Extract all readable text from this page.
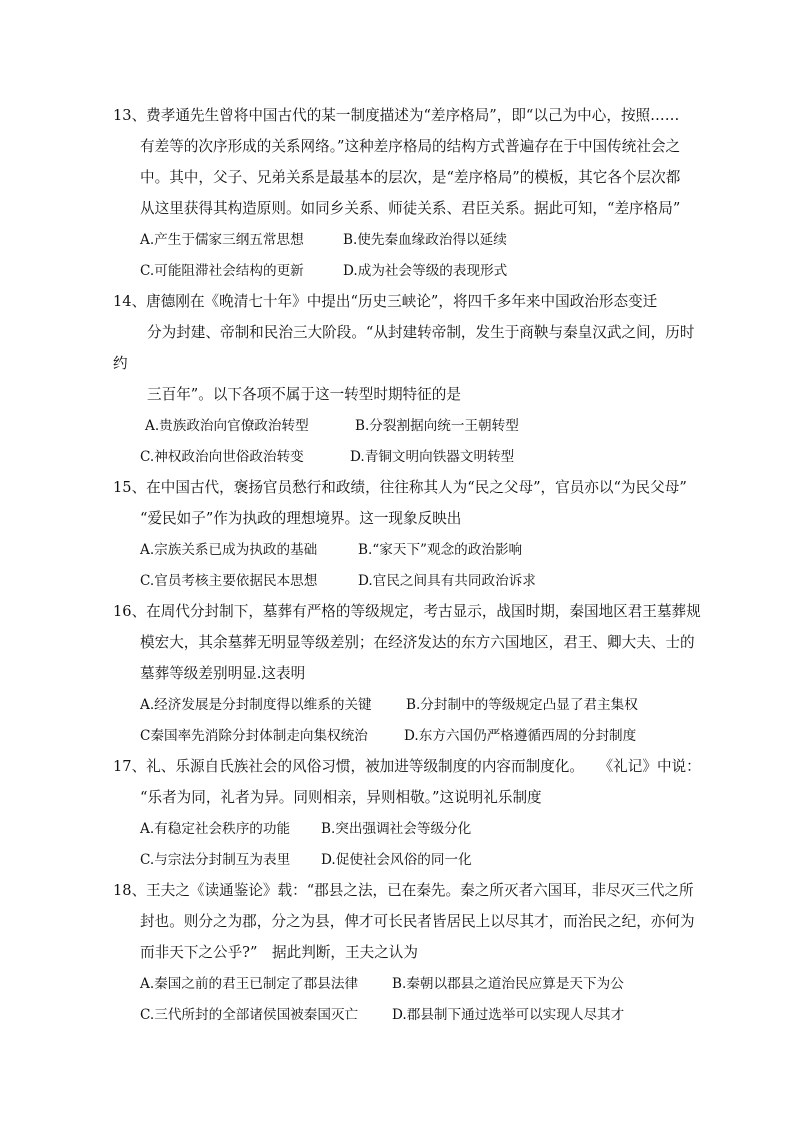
13、费孝通先生曾将中国古代的某一制度描述为“差序格局”，即“以己为中心，按照……
有差等的次序形成的关系网络。”这种差序格局的结构方式普遍存在于中国传统社会之
中。其中，父子、兄弟关系是最基本的层次，是“差序格局”的模板，其它各个层次都
从这里获得其构造原则。如同乡关系、师徒关系、君臣关系。据此可知，“差序格局”
A.产生于儒家三纲五常思想	B.使先秦血缘政治得以延续
C.可能阻滞社会结构的更新	D.成为社会等级的表现形式
14、唐德刚在《晚清七十年》中提出“历史三峡论”，将四千多年来中国政治形态变迁
分为封建、帝制和民治三大阶段。“从封建转帝制，发生于商鞅与秦皇汉武之间，历时
约
三百年”。以下各项不属于这一转型时期特征的是
A.贵族政治向官僚政治转型	B.分裂割据向统一王朝转型
C.神权政治向世俗政治转变	D.青铜文明向铁器文明转型
15、在中国古代，褒扬官员愁行和政绩，往往称其人为“民之父母”，官员亦以“为民父母”
“爱民如子”作为执政的理想境界。这一现象反映出
A.宗族关系已成为执政的基础	B.“家天下”观念的政治影响
C.官员考核主要依据民本思想	D.官民之间具有共同政治诉求
16、在周代分封制下，墓葬有严格的等级规定，考古显示，战国时期，秦国地区君王墓葬规
模宏大，其余墓葬无明显等级差别；在经济发达的东方六国地区，君王、卿大夫、士的
墓葬等级差别明显.这表明
A.经济发展是分封制度得以维系的关键	B.分封制中的等级规定凸显了君主集权
C秦国率先消除分封体制走向集权统治	D.东方六国仍严格遵循西周的分封制度
17、礼、乐源自氏族社会的风俗习惯，被加进等级制度的内容而制度化。　　《礼记》中说：
“乐者为同，礼者为异。同则相亲，异则相敬。”这说明礼乐制度
A.有稳定社会秩序的功能 B.突出强调社会等级分化
C.与宗法分封制互为表里 D.促使社会风俗的同一化
18、王夫之《读通鉴论》载：“郡县之法，已在秦先。秦之所灭者六国耳，非尽灭三代之所
封也。则分之为郡，分之为县，俾才可长民者皆居民上以尽其才，而治民之纪，亦何为
而非天下之公乎?”　据此判断，王夫之认为
A.秦国之前的君王已制定了郡县法律 B.秦朝以郡县之道治民应算是天下为公
C.三代所封的全部诸侯国被秦国灭亡 D.郡县制下通过选举可以实现人尽其才
